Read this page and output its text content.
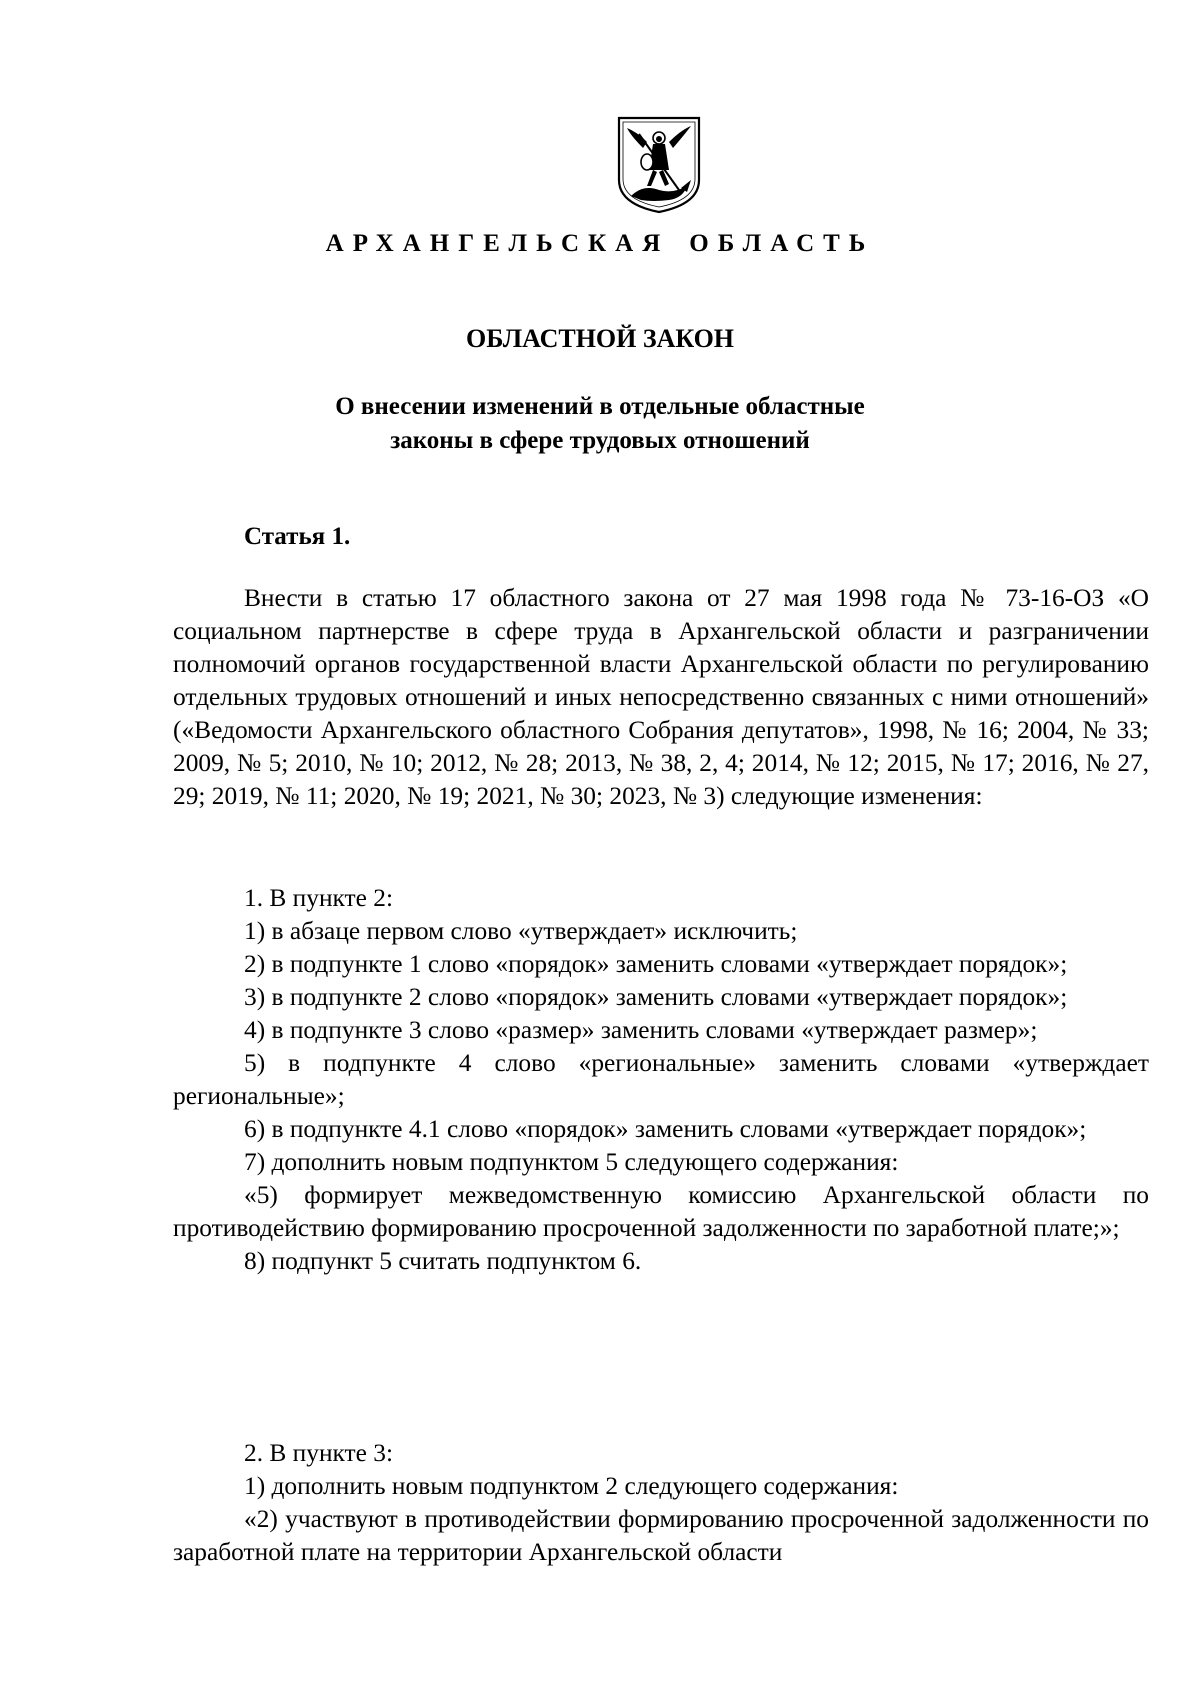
АРХАНГЕЛЬСКАЯ ОБЛАСТЬ
ОБЛАСТНОЙ ЗАКОН
О внесении изменений в отдельные областные
законы в сфере трудовых отношений
Статья 1.

Внести в статью 17 областного закона от 27 мая 1998 года № 73-16-ОЗ «О социальном партнерстве в сфере труда в Архангельской области и разграничении полномочий органов государственной власти Архангельской области по регулированию отдельных трудовых отношений и иных непосредственно связанных с ними отношений» («Ведомости Архангельского областного Собрания депутатов», 1998, № 16; 2004, № 33; 2009, № 5; 2010, № 10; 2012, № 28; 2013, № 38, 2, 4; 2014, № 12; 2015, № 17; 2016, № 27, 29; 2019, № 11; 2020, № 19; 2021, № 30; 2023, № 3) следующие изменения:

1. В пункте 2:

1) в абзаце первом слово «утверждает» исключить;

2) в подпункте 1 слово «порядок» заменить словами «утверждает порядок»;

3) в подпункте 2 слово «порядок» заменить словами «утверждает порядок»;

4) в подпункте 3 слово «размер» заменить словами «утверждает размер»;

5) в подпункте 4 слово «региональные» заменить словами «утверждает региональные»;

6) в подпункте 4.1 слово «порядок» заменить словами «утверждает порядок»;

7) дополнить новым подпунктом 5 следующего содержания:

«5) формирует межведомственную комиссию Архангельской области по противодействию формированию просроченной задолженности по заработной плате;»;

8) подпункт 5 считать подпунктом 6.

2. В пункте 3:

1) дополнить новым подпунктом 2 следующего содержания:

«2) участвуют в противодействии формированию просроченной задолженности по заработной плате на территории Архангельской области
